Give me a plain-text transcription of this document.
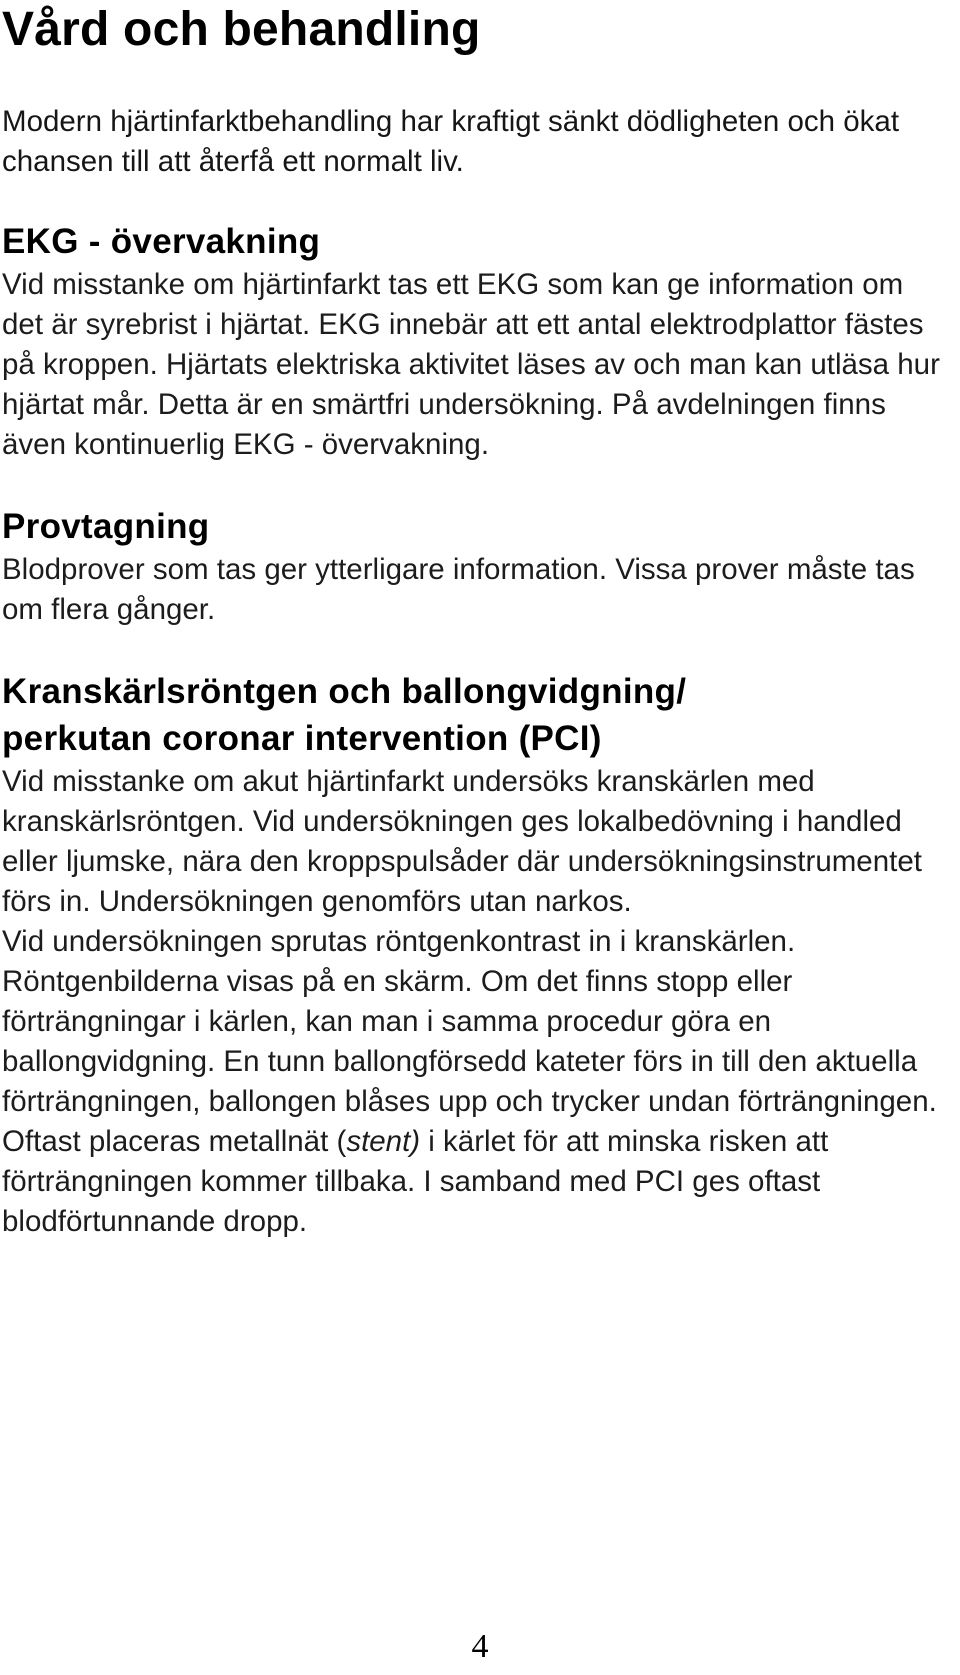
Vård och behandling

Modern hjärtinfarktbehandling har kraftigt sänkt dödligheten och ökat chansen till att återfå ett normalt liv.

EKG - övervakning

Vid misstanke om hjärtinfarkt tas ett EKG som kan ge information om det är syrebrist i hjärtat. EKG innebär att ett antal elektrodplattor fästes på kroppen. Hjärtats elektriska aktivitet läses av och man kan utläsa hur hjärtat mår. Detta är en smärtfri undersökning. På avdelningen finns även kontinuerlig EKG - övervakning.

Provtagning

Blodprover som tas ger ytterligare information. Vissa prover måste tas om flera gånger.

Kranskärlsröntgen och ballongvidgning/
perkutan coronar intervention (PCI)

Vid misstanke om akut hjärtinfarkt undersöks kranskärlen med kranskärlsröntgen. Vid undersökningen ges lokalbedövning i handled eller ljumske, nära den kroppspulsåder där undersökningsinstrumentet förs in. Undersökningen genomförs utan narkos.

Vid undersökningen sprutas röntgenkontrast in i kranskärlen. Röntgenbilderna visas på en skärm. Om det finns stopp eller förträngningar i kärlen, kan man i samma procedur göra en ballongvidgning. En tunn ballongförsedd kateter förs in till den aktuella förträngningen, ballongen blåses upp och trycker undan förträngningen.

Oftast placeras metallnät (stent) i kärlet för att minska risken att förträngningen kommer tillbaka. I samband med PCI ges oftast blodförtunnande dropp.

4
